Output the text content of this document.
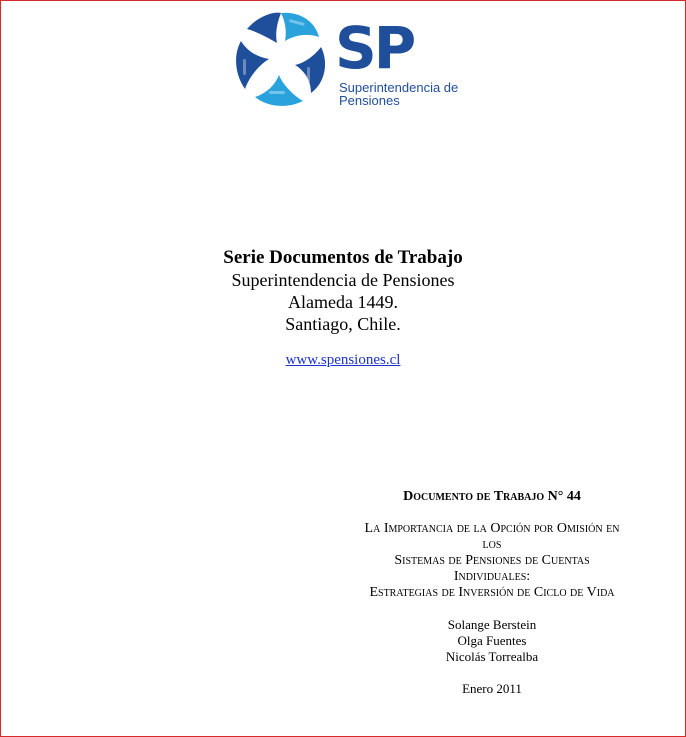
SP
Superintendencia de
Pensiones
Serie Documentos de Trabajo
Superintendencia de Pensiones
Alameda 1449.
Santiago, Chile.
www.spensiones.cl
Documento de Trabajo N° 44
La Importancia de la Opción por Omisión en
los
Sistemas de Pensiones de Cuentas
Individuales:
Estrategias de Inversión de Ciclo de Vida
Solange Berstein
Olga Fuentes
Nicolás Torrealba
Enero 2011
